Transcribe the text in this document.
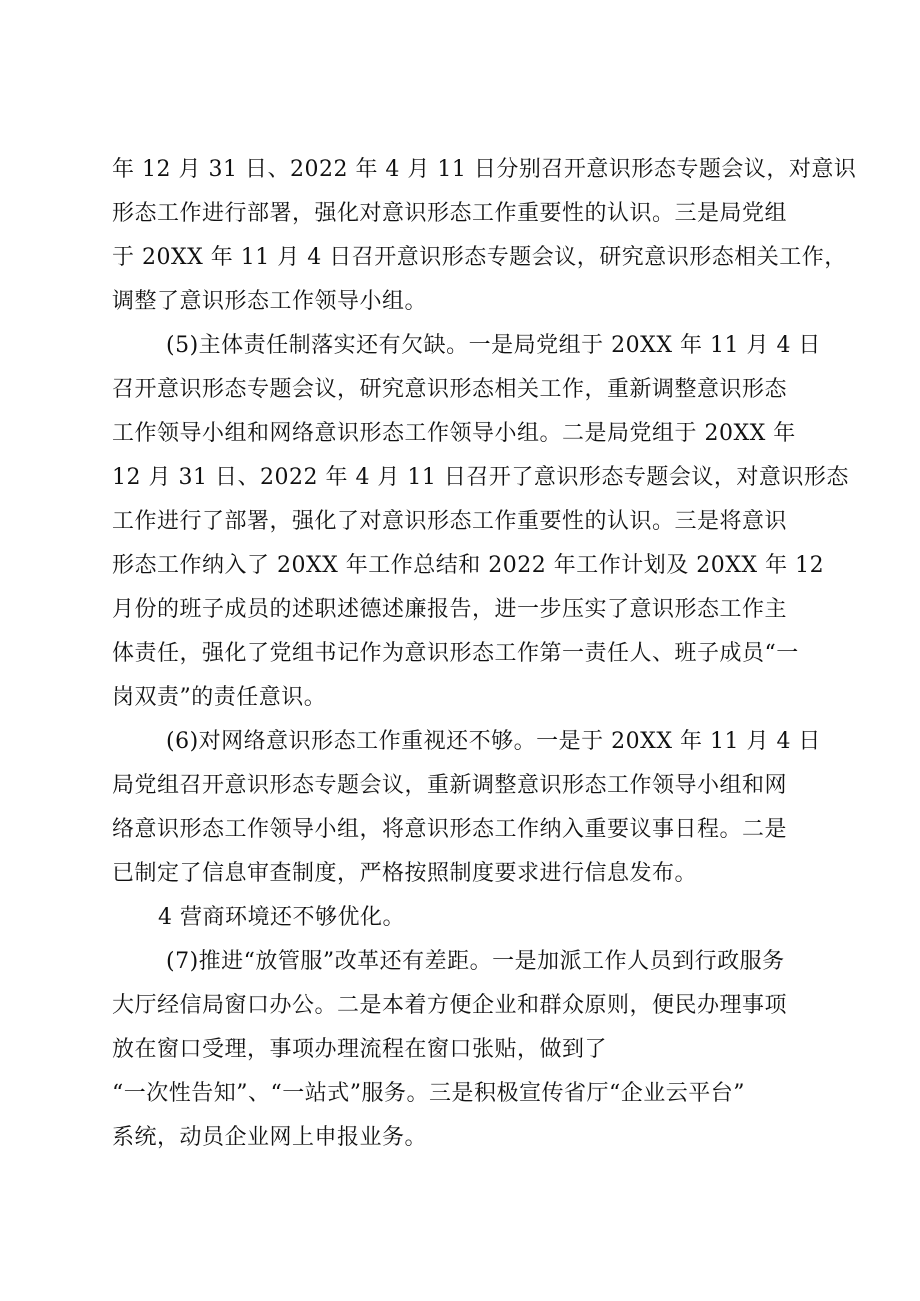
年 12 月 31 日、2022 年 4 月 11 日分别召开意识形态专题会议，对意识
形态工作进行部署，强化对意识形态工作重要性的认识。三是局党组
于 20XX 年 11 月 4 日召开意识形态专题会议，研究意识形态相关工作，
调整了意识形态工作领导小组。
(5)主体责任制落实还有欠缺。一是局党组于 20XX 年 11 月 4 日
召开意识形态专题会议，研究意识形态相关工作，重新调整意识形态
工作领导小组和网络意识形态工作领导小组。二是局党组于 20XX 年
12 月 31 日、2022 年 4 月 11 日召开了意识形态专题会议，对意识形态
工作进行了部署，强化了对意识形态工作重要性的认识。三是将意识
形态工作纳入了 20XX 年工作总结和 2022 年工作计划及 20XX 年 12
月份的班子成员的述职述德述廉报告，进一步压实了意识形态工作主
体责任，强化了党组书记作为意识形态工作第一责任人、班子成员“一
岗双责”的责任意识。
(6)对网络意识形态工作重视还不够。一是于 20XX 年 11 月 4 日
局党组召开意识形态专题会议，重新调整意识形态工作领导小组和网
络意识形态工作领导小组，将意识形态工作纳入重要议事日程。二是
已制定了信息审查制度，严格按照制度要求进行信息发布。
4 营商环境还不够优化。
(7)推进“放管服”改革还有差距。一是加派工作人员到行政服务
大厅经信局窗口办公。二是本着方便企业和群众原则，便民办理事项
放在窗口受理，事项办理流程在窗口张贴，做到了
“一次性告知”、“一站式”服务。三是积极宣传省厅“企业云平台”
系统，动员企业网上申报业务。
